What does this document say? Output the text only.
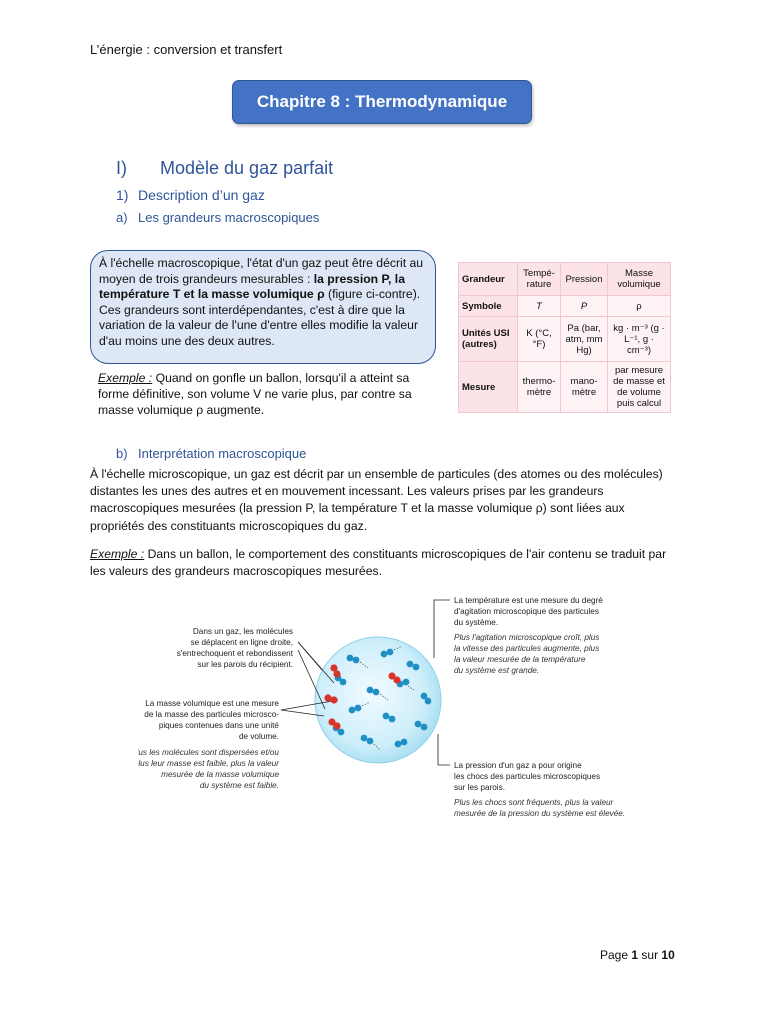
L’énergie : conversion et transfert
Chapitre 8 : Thermodynamique
I) Modèle du gaz parfait
1) Description d’un gaz
a) Les grandeurs macroscopiques

À l'échelle macroscopique, l'état d'un gaz peut être décrit au moyen de trois grandeurs mesurables : la pression P, la température T et la masse volumique ρ (figure ci-contre). Ces grandeurs sont interdépendantes, c'est à dire que la variation de la valeur de l'une d'entre elles modifie la valeur d'au moins une des deux autres.

Exemple : Quand on gonfle un ballon, lorsqu'il a atteint sa forme définitive, son volume V ne varie plus, par contre sa masse volumique ρ augmente.
Grandeur	Tempé-rature	Pression	Masse volumique
Symbole	T	P	ρ
Unités USI (autres)	K (°C, °F)	Pa (bar, atm, mm Hg)	kg · m⁻³ (g · L⁻¹, g · cm⁻³)
Mesure	thermo-mètre	mano-mètre	par mesure de masse et de volume puis calcul
b) Interprétation macroscopique
À l'échelle microscopique, un gaz est décrit par un ensemble de particules (des atomes ou des molécules) distantes les unes des autres et en mouvement incessant. Les valeurs prises par les grandeurs macroscopiques mesurées (la pression P, la température T et la masse volumique ρ) sont liées aux propriétés des constituants microscopiques du gaz.
Exemple : Dans un ballon, le comportement des constituants microscopiques de l'air contenu se traduit par les valeurs des grandeurs macroscopiques mesurées.
Dans un gaz, les molécules
se déplacent en ligne droite,
s'entrechoquent et rebondissent
sur les parois du récipient.
La masse volumique est une mesure
de la masse des particules microsco-
piques contenues dans une unité
de volume.
Plus les molécules sont dispersées et/ou
plus leur masse est faible, plus la valeur
mesurée de la masse volumique
du système est faible.
La température est une mesure du degré
d'agitation microscopique des particules
du système.
Plus l'agitation microscopique croît, plus
la vitesse des particules augmente, plus
la valeur mesurée de la température
du système est grande.
La pression d'un gaz a pour origine
les chocs des particules microscopiques
sur les parois.
Plus les chocs sont fréquents, plus la valeur
mesurée de la pression du système est élevée.
Page 1 sur 10
